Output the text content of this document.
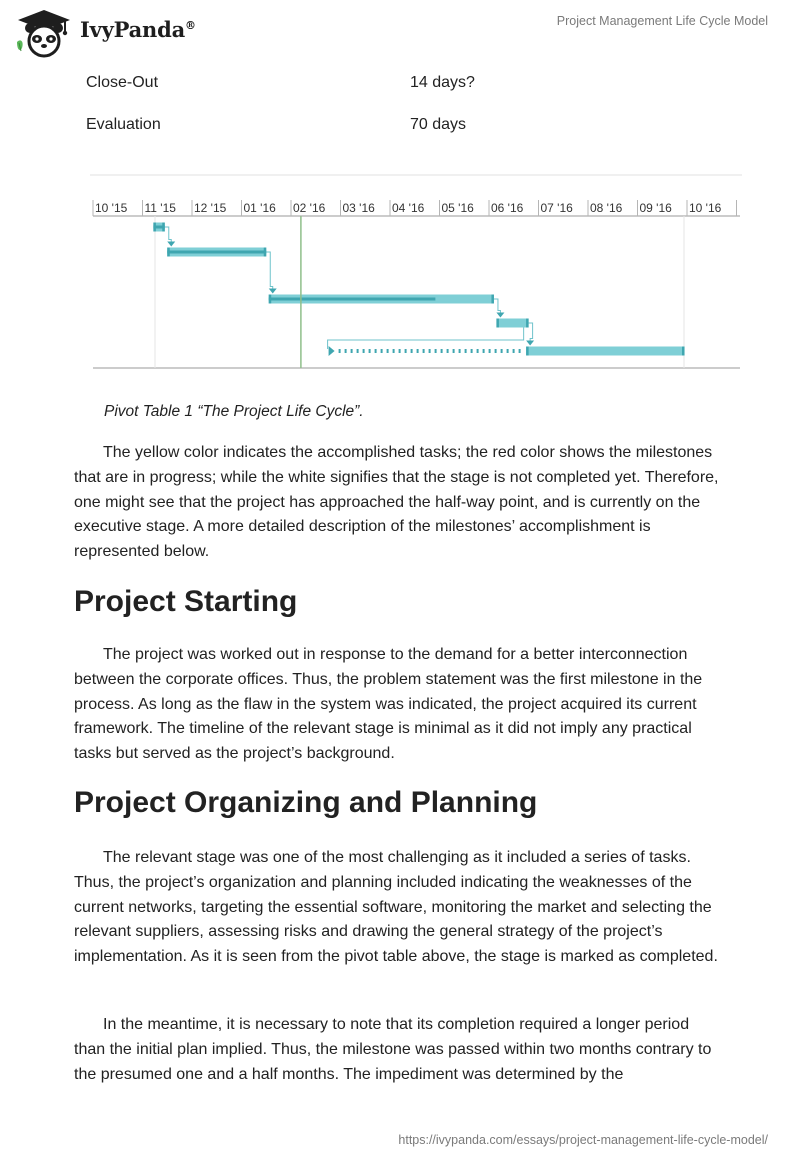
IvyPanda®	Project Management Life Cycle Model
Close-Out	14 days?
Evaluation	70 days
10 '15 11 '15 12 '15 01 '16 02 '16 03 '16 04 '16 05 '16 06 '16 07 '16 08 '16 09 '16 10 '16
Pivot Table 1 “The Project Life Cycle”.

The yellow color indicates the accomplished tasks; the red color shows the milestones that are in progress; while the white signifies that the stage is not completed yet. Therefore, one might see that the project has approached the half-way point, and is currently on the executive stage. A more detailed description of the milestones’ accomplishment is represented below.

Project Starting

The project was worked out in response to the demand for a better interconnection between the corporate offices. Thus, the problem statement was the first milestone in the process. As long as the flaw in the system was indicated, the project acquired its current framework. The timeline of the relevant stage is minimal as it did not imply any practical tasks but served as the project’s background.

Project Organizing and Planning

The relevant stage was one of the most challenging as it included a series of tasks. Thus, the project’s organization and planning included indicating the weaknesses of the current networks, targeting the essential software, monitoring the market and selecting the relevant suppliers, assessing risks and drawing the general strategy of the project’s implementation. As it is seen from the pivot table above, the stage is marked as completed.

In the meantime, it is necessary to note that its completion required a longer period than the initial plan implied. Thus, the milestone was passed within two months contrary to the presumed one and a half months. The impediment was determined by the

https://ivypanda.com/essays/project-management-life-cycle-model/
